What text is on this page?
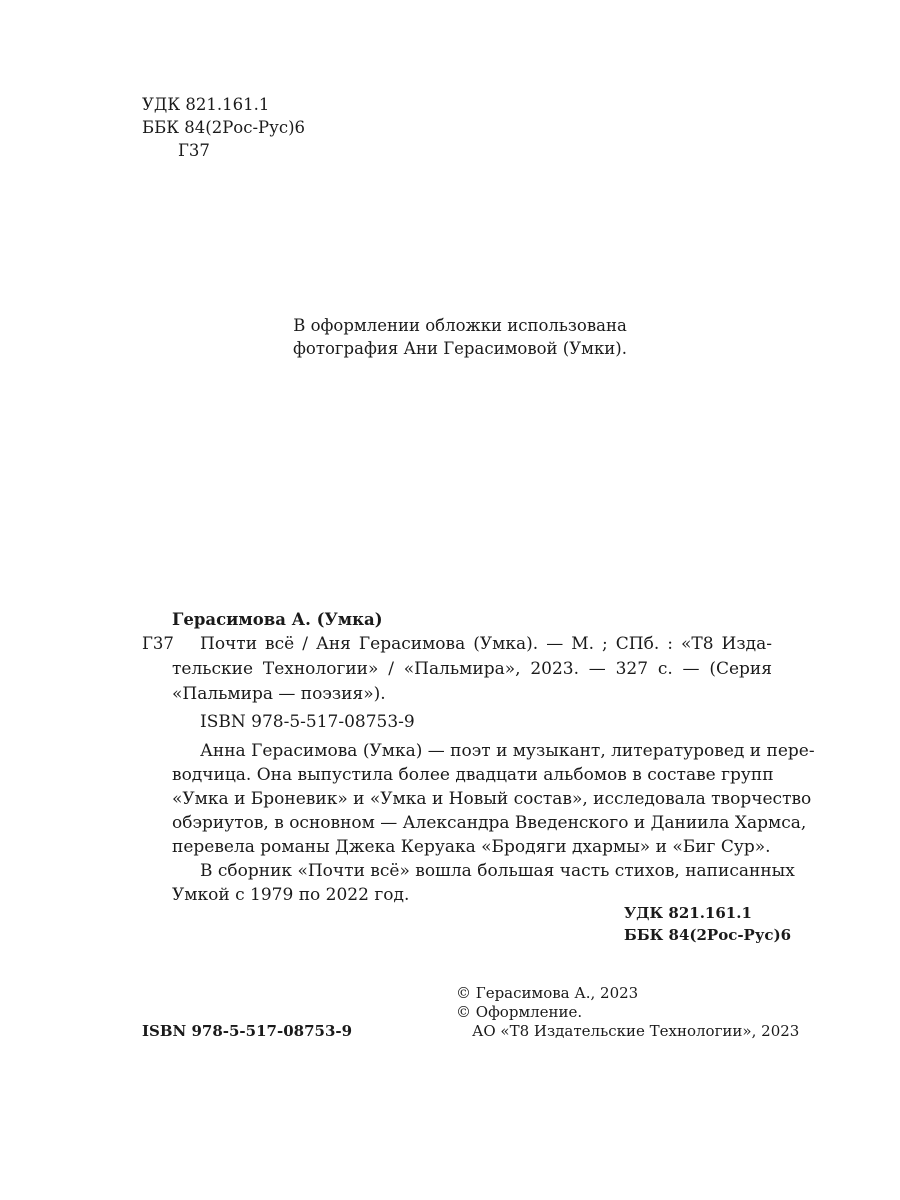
УДК 821.161.1
ББК 84(2Рос-Рус)6
Г37
В оформлении обложки использована
фотография Ани Герасимовой (Умки).
Герасимова А. (Умка)
Г37 Почти всё / Аня Герасимова (Умка). — М. ; СПб. : «Т8 Изда-
тельские Технологии» / «Пальмира», 2023. — 327 с. — (Серия
«Пальмира — поэзия»).
ISBN 978-5-517-08753-9
Анна Герасимова (Умка) — поэт и музыкант, литературовед и пере-
водчица. Она выпустила более двадцати альбомов в составе групп
«Умка и Броневик» и «Умка и Новый состав», исследовала творчество
обэриутов, в основном — Александра Введенского и Даниила Хармса,
перевела романы Джека Керуака «Бродяги дхармы» и «Биг Сур».
В сборник «Почти всё» вошла большая часть стихов, написанных
Умкой с 1979 по 2022 год.
УДК 821.161.1
ББК 84(2Рос-Рус)6
© Герасимова А., 2023
© Оформление.
АО «Т8 Издательские Технологии», 2023
ISBN 978-5-517-08753-9
